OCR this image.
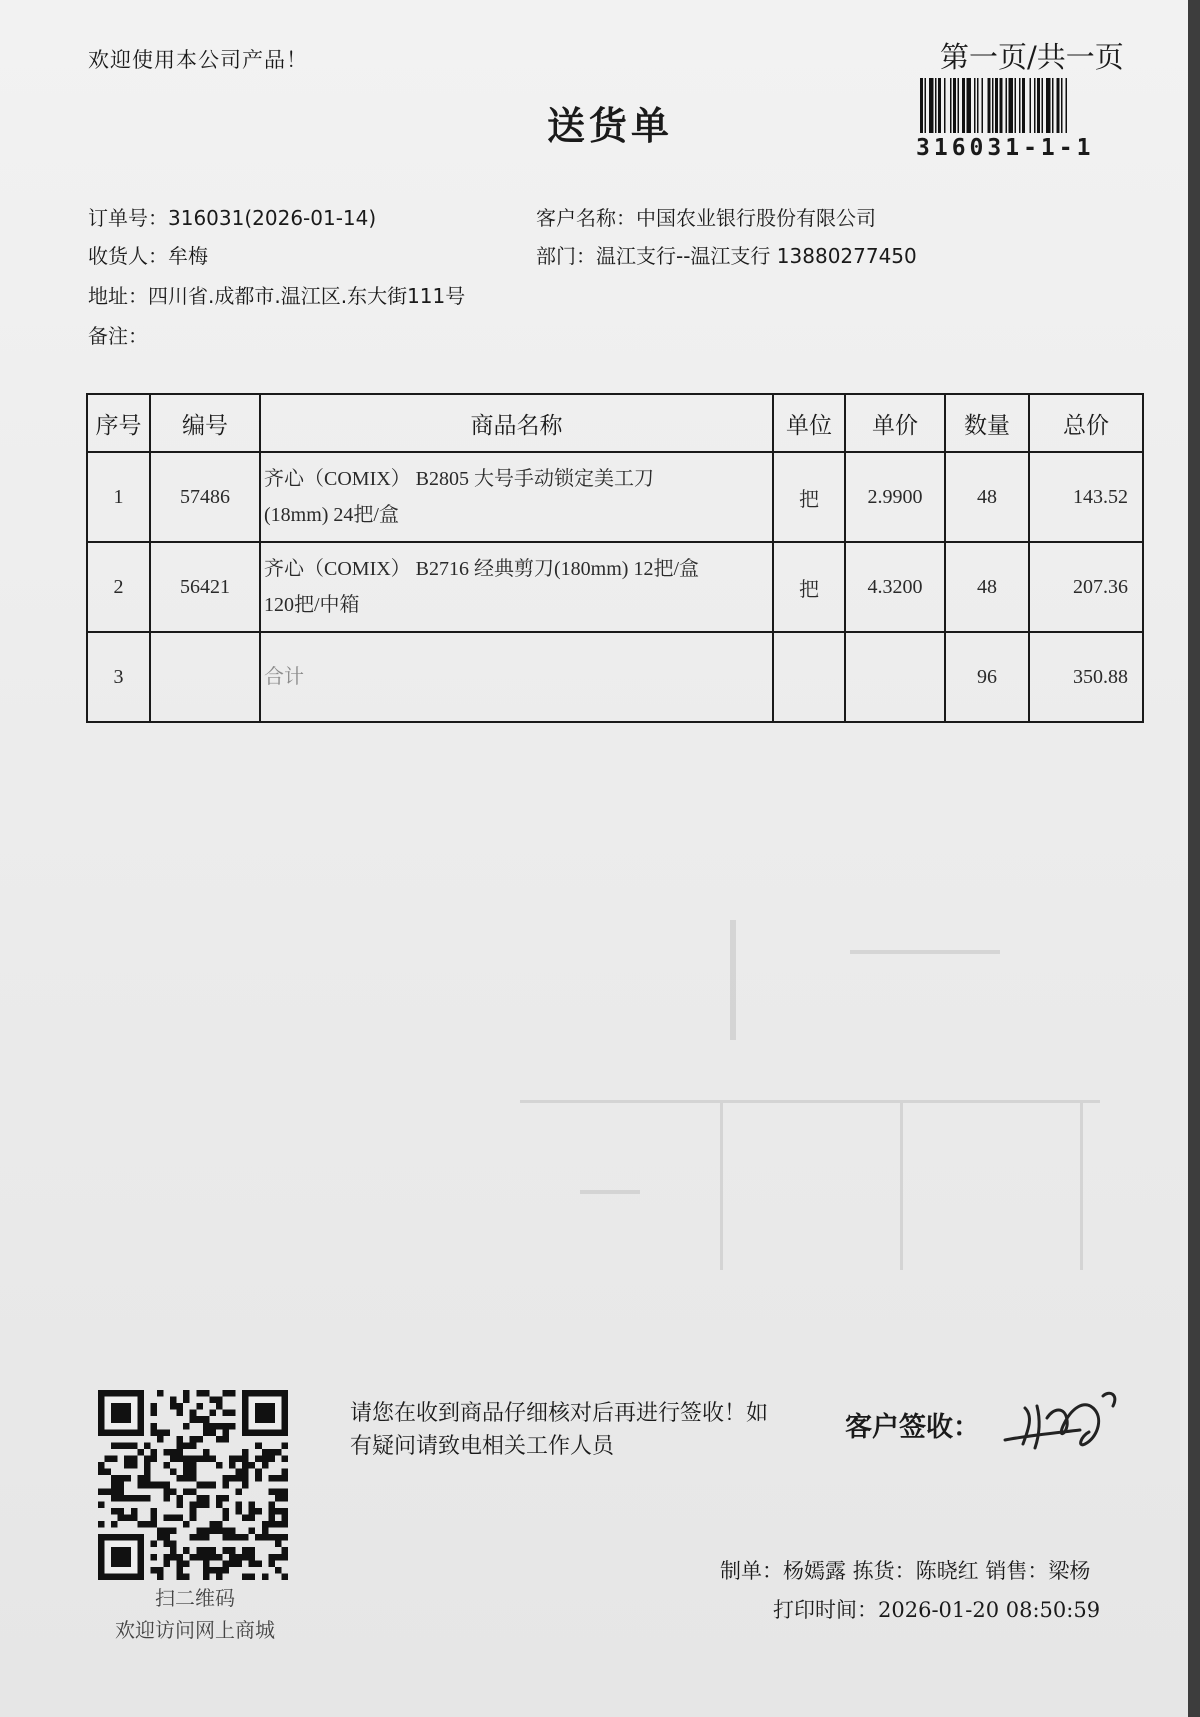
欢迎使用本公司产品！
送货单
第一页/共一页
316031-1-1
订单号：316031(2026-01-14)	客户名称：中国农业银行股份有限公司
收货人：牟梅	部门：温江支行--温江支行 13880277450
地址：四川省.成都市.温江区.东大街111号
备注：
序号	编号	商品名称	单位	单价	数量	总价
1	57486	齐心（COMIX） B2805 大号手动锁定美工刀
(18mm) 24把/盒	把	2.9900	48	143.52
2	56421	齐心（COMIX） B2716 经典剪刀(180mm) 12把/盒
120把/中箱	把	4.3200	48	207.36
3		合计			96	350.88
扫二维码
欢迎访问网上商城
请您在收到商品仔细核对后再进行签收！如有疑问请致电相关工作人员
客户签收：
制单：杨嫣露 拣货：陈晓红 销售：梁杨
打印时间：2026-01-20 08:50:59
